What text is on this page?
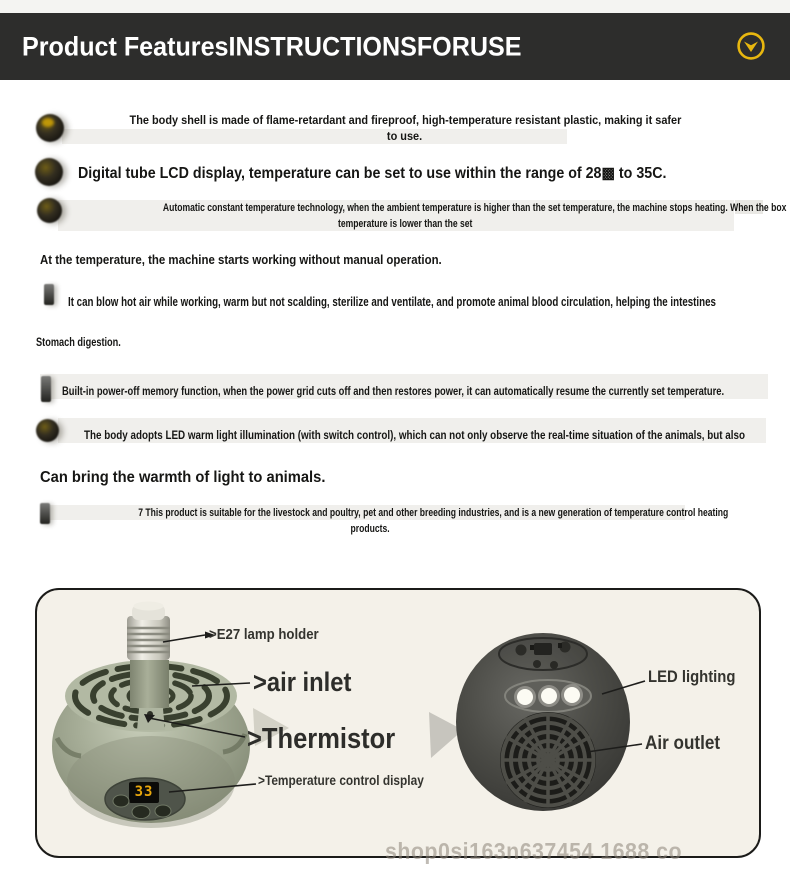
Product FeaturesINSTRUCTIONSFORUSE
The body shell is made of flame-retardant and fireproof, high-temperature resistant plastic, making it safer
to use.
Digital tube LCD display, temperature can be set to use within the range of 28▩ to 35C.
Automatic constant temperature technology, when the ambient temperature is higher than the set temperature, the machine stops heating. When the box
temperature is lower than the set
At the temperature, the machine starts working without manual operation.
It can blow hot air while working, warm but not scalding, sterilize and ventilate, and promote animal blood circulation, helping the intestines
Stomach digestion.
Built-in power-off memory function, when the power grid cuts off and then restores power, it can automatically resume the currently set temperature.
The body adopts LED warm light illumination (with switch control), which can not only observe the real-time situation of the animals, but also
Can bring the warmth of light to animals.
7 This product is suitable for the livestock and poultry, pet and other breeding industries, and is a new generation of temperature control heating
products.
>E27 lamp holder
>air inlet
>Thermistor
>Temperature control display
LED lighting
Air outlet
33
shop0si163n637454 1688 co
